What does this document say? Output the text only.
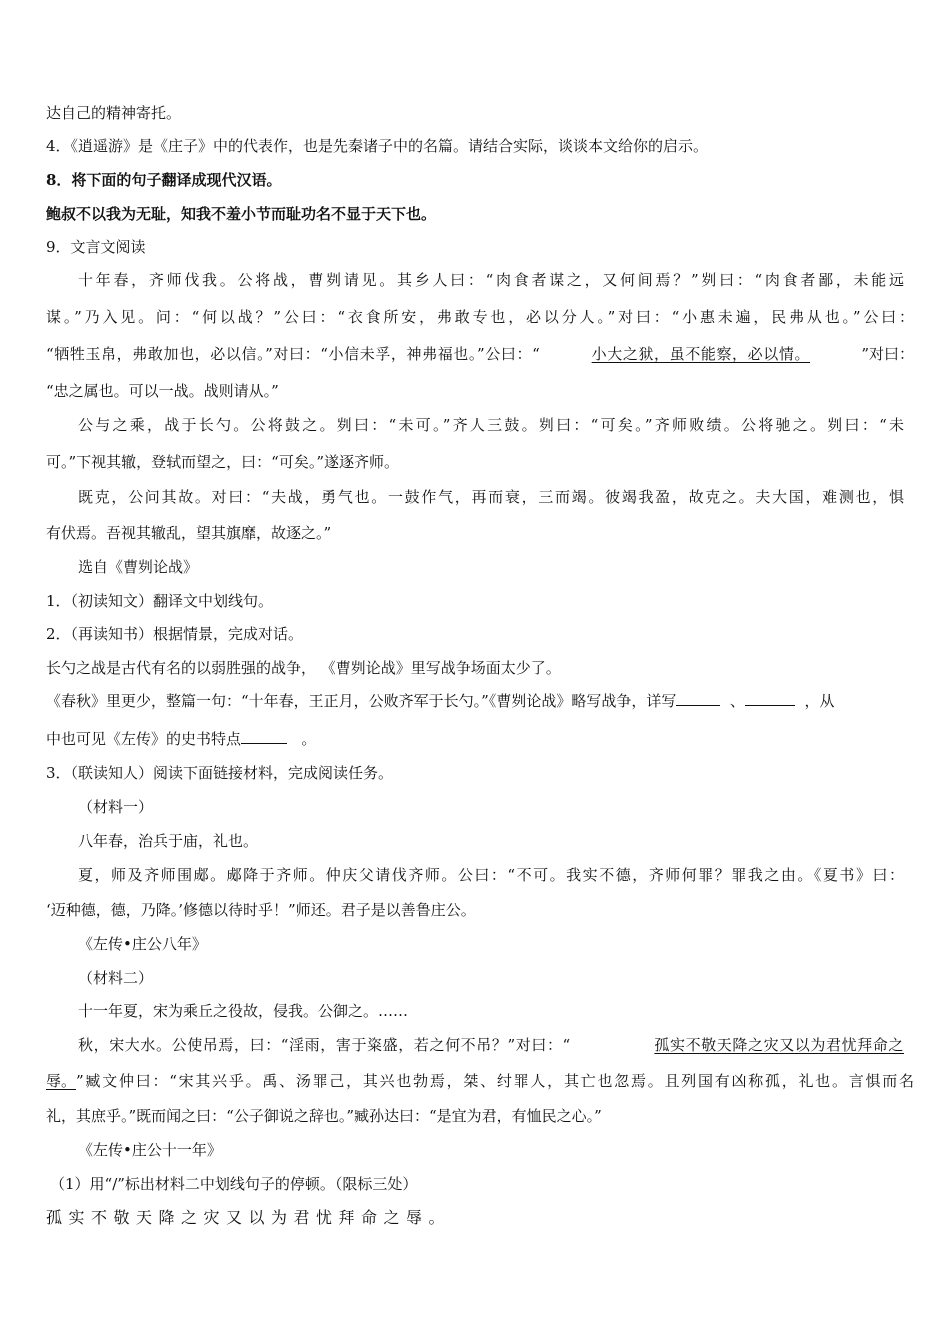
达自己的精神寄托。
4．《逍遥游》是《庄子》中的代表作，也是先秦诸子中的名篇。请结合实际，谈谈本文给你的启示。
8．将下面的句子翻译成现代汉语。
鲍叔不以我为无耻，知我不羞小节而耻功名不显于天下也。
9．文言文阅读
十年春，齐师伐我。公将战，曹刿请见。其乡人曰：“肉食者谋之，又何间焉？”刿曰：“肉食者鄙，未能远
谋。”乃入见。问：“何以战？”公曰：“衣食所安，弗敢专也，必以分人。”对曰：“小惠未遍，民弗从也。”公曰：
“牺牲玉帛，弗敢加也，必以信。”对曰：“小信未孚，神弗福也。”公曰：“	小大之狱，虽不能察，必以情。	”对曰：
“忠之属也。可以一战。战则请从。”
公与之乘，战于长勺。公将鼓之。刿曰：“未可。”齐人三鼓。刿曰：“可矣。”齐师败绩。公将驰之。刿曰：“未
可。”下视其辙，登轼而望之，曰：“可矣。”遂逐齐师。
既克，公问其故。对曰：“夫战，勇气也。一鼓作气，再而衰，三而竭。彼竭我盈，故克之。夫大国，难测也，惧
有伏焉。吾视其辙乱，望其旗靡，故逐之。”
选自《曹刿论战》
1．（初读知文）翻译文中划线句。
2．（再读知书）根据情景，完成对话。
长勺之战是古代有名的以弱胜强的战争， 《曹刿论战》里写战争场面太少了。
《春秋》里更少，整篇一句：“十年春，王正月，公败齐军于长勺。”《曹刿论战》略写战争，详写	、	，从
中也可见《左传》的史书特点	。
3．（联读知人）阅读下面链接材料，完成阅读任务。
（材料一）
八年春，治兵于庙，礼也。
夏，师及齐师围郕。郕降于齐师。仲庆父请伐齐师。公曰：“不可。我实不德，齐师何罪？罪我之由。《夏书》曰：
‘迈种德，德，乃降。’修德以待时乎！”师还。君子是以善鲁庄公。
《左传•庄公八年》
（材料二）
十一年夏，宋为乘丘之役故，侵我。公御之。……
秋，宋大水。公使吊焉，曰：“淫雨，害于粢盛，若之何不吊？”对曰：“	孤实不敬天降之灾又以为君忧拜命之
辱。 ”臧文仲曰：“宋其兴乎。禹、汤罪己，其兴也勃焉，桀、纣罪人，其亡也忽焉。且列国有凶称孤，礼也。言惧而名
礼，其庶乎。”既而闻之曰：“公子御说之辞也。”臧孙达曰：“是宜为君，有恤民之心。”
《左传•庄公十一年》
（1）用“/”标出材料二中划线句子的停顿。（限标三处）
孤实不敬天降之灾又以为君忧拜命之辱。
